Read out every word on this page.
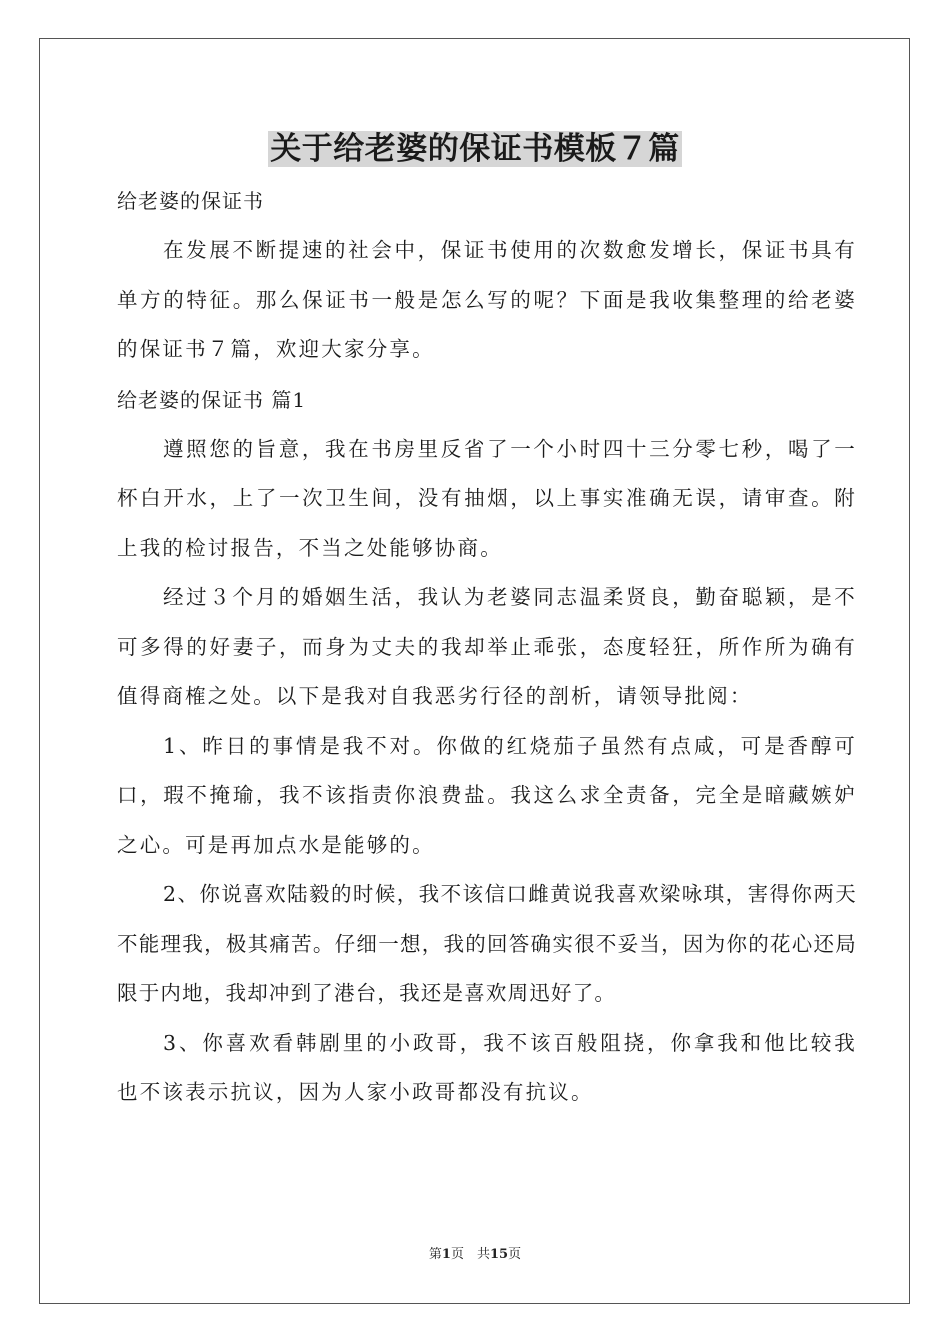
关于给老婆的保证书模板７篇
给老婆的保证书

在发展不断提速的社会中，保证书使用的次数愈发增长，保证书具有单方的特征。那么保证书一般是怎么写的呢？下面是我收集整理的给老婆的保证书７篇，欢迎大家分享。

给老婆的保证书 篇1

遵照您的旨意，我在书房里反省了一个小时四十三分零七秒，喝了一杯白开水，上了一次卫生间，没有抽烟，以上事实准确无误，请审查。附上我的检讨报告，不当之处能够协商。

经过３个月的婚姻生活，我认为老婆同志温柔贤良，勤奋聪颖，是不可多得的好妻子，而身为丈夫的我却举止乖张，态度轻狂，所作所为确有值得商榷之处。以下是我对自我恶劣行径的剖析，请领导批阅：

1、昨日的事情是我不对。你做的红烧茄子虽然有点咸，可是香醇可口，瑕不掩瑜，我不该指责你浪费盐。我这么求全责备，完全是暗藏嫉妒之心。可是再加点水是能够的。

2、你说喜欢陆毅的时候，我不该信口雌黄说我喜欢梁咏琪，害得你两天不能理我，极其痛苦。仔细一想，我的回答确实很不妥当，因为你的花心还局限于内地，我却冲到了港台，我还是喜欢周迅好了。

3、你喜欢看韩剧里的小政哥，我不该百般阻挠，你拿我和他比较我也不该表示抗议，因为人家小政哥都没有抗议。

第1页　共15页
